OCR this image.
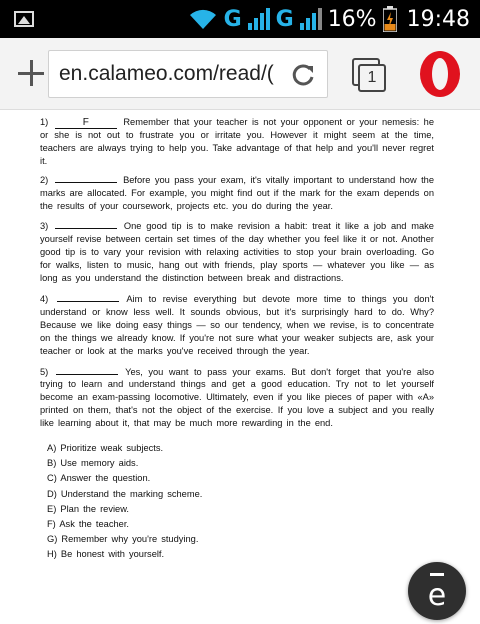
G G 16% 19:48
en.calameo.com/read/(	1
1)	F	Remember that your teacher is not your opponent or your nemesis: he or she is not out to frustrate you or irritate you. However it might seem at the time, teachers are always trying to help you. Take advantage of that help and you'll never regret it.
2)	Before you pass your exam, it's vitally important to understand how the marks are allocated. For example, you might find out if the mark for the exam depends on the results of your coursework, projects etc. you do during the year.
3)	One good tip is to make revision a habit: treat it like a job and make yourself revise between certain set times of the day whether you feel like it or not. Another good tip is to vary your revision with relaxing activities to stop your brain overloading. Go for walks, listen to music, hang out with friends, play sports — whatever you like — as long as you understand the distinction between break and distractions.
4)	Aim to revise everything but devote more time to things you don't understand or know less well. It sounds obvious, but it's surprisingly hard to do. Why? Because we like doing easy things — so our tendency, when we revise, is to concentrate on the things we already know. If you're not sure what your weaker subjects are, ask your teacher or look at the marks you've received through the year.
5)	Yes, you want to pass your exams. But don't forget that you're also trying to learn and understand things and get a good education. Try not to let yourself become an exam-passing locomotive. Ultimately, even if you like pieces of paper with «A» printed on them, that's not the object of the exercise. If you love a subject and you really like learning about it, that may be much more rewarding in the end.
A) Prioritize weak subjects.
B) Use memory aids.
C) Answer the question.
D) Understand the marking scheme.
E) Plan the review.
F) Ask the teacher.
G) Remember why you're studying.
H) Be honest with yourself.
e
